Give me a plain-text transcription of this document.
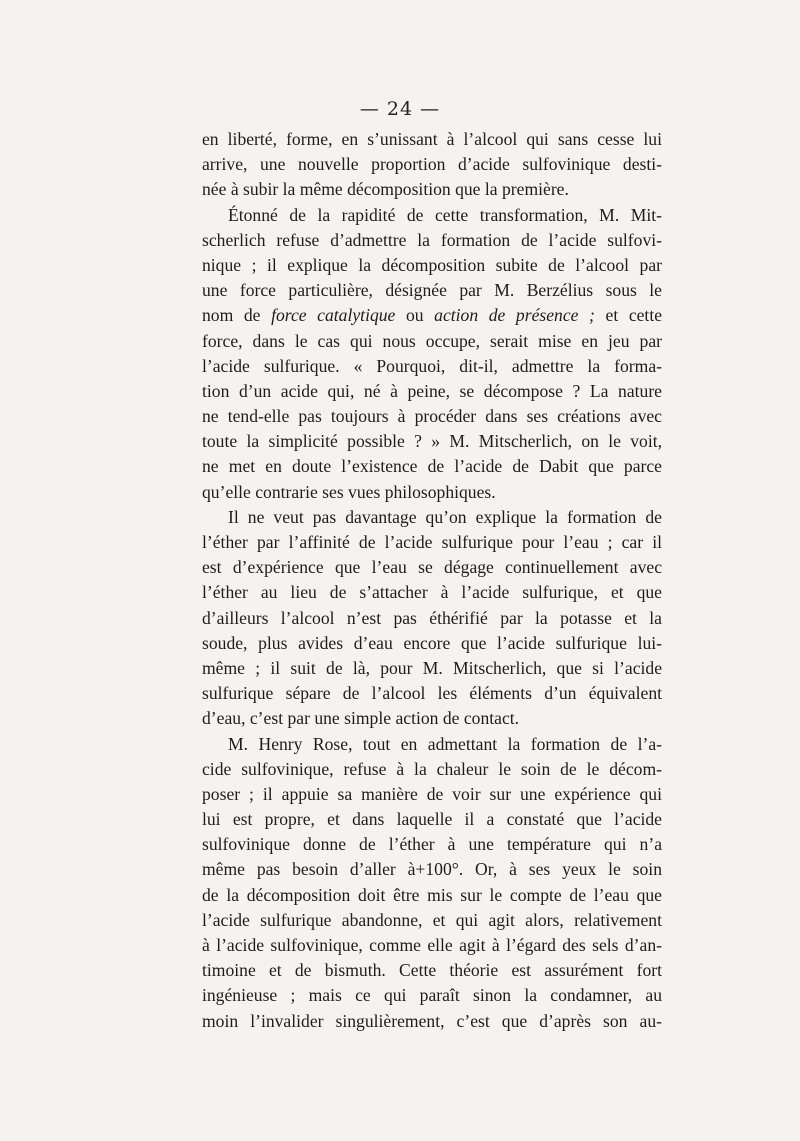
— 24 —
en liberté, forme, en s’unissant à l’alcool qui sans cesse lui
arrive, une nouvelle proportion d’acide sulfovinique desti-
née à subir la même décomposition que la première.
Étonné de la rapidité de cette transformation, M. Mit-
scherlich refuse d’admettre la formation de l’acide sulfovi-
nique ; il explique la décomposition subite de l’alcool par
une force particulière, désignée par M. Berzélius sous le
nom de force catalytique ou action de présence ; et cette
force, dans le cas qui nous occupe, serait mise en jeu par
l’acide sulfurique. « Pourquoi, dit-il, admettre la forma-
tion d’un acide qui, né à peine, se décompose ? La nature
ne tend-elle pas toujours à procéder dans ses créations avec
toute la simplicité possible ? » M. Mitscherlich, on le voit,
ne met en doute l’existence de l’acide de Dabit que parce
qu’elle contrarie ses vues philosophiques.
Il ne veut pas davantage qu’on explique la formation de
l’éther par l’affinité de l’acide sulfurique pour l’eau ; car il
est d’expérience que l’eau se dégage continuellement avec
l’éther au lieu de s’attacher à l’acide sulfurique, et que
d’ailleurs l’alcool n’est pas éthérifié par la potasse et la
soude, plus avides d’eau encore que l’acide sulfurique lui-
même ; il suit de là, pour M. Mitscherlich, que si l’acide
sulfurique sépare de l’alcool les éléments d’un équivalent
d’eau, c’est par une simple action de contact.
M. Henry Rose, tout en admettant la formation de l’a-
cide sulfovinique, refuse à la chaleur le soin de le décom-
poser ; il appuie sa manière de voir sur une expérience qui
lui est propre, et dans laquelle il a constaté que l’acide
sulfovinique donne de l’éther à une température qui n’a
même pas besoin d’aller à+100°. Or, à ses yeux le soin
de la décomposition doit être mis sur le compte de l’eau que
l’acide sulfurique abandonne, et qui agit alors, relativement
à l’acide sulfovinique, comme elle agit à l’égard des sels d’an-
timoine et de bismuth. Cette théorie est assurément fort
ingénieuse ; mais ce qui paraît sinon la condamner, au
moin l’invalider singulièrement, c’est que d’après son au-
